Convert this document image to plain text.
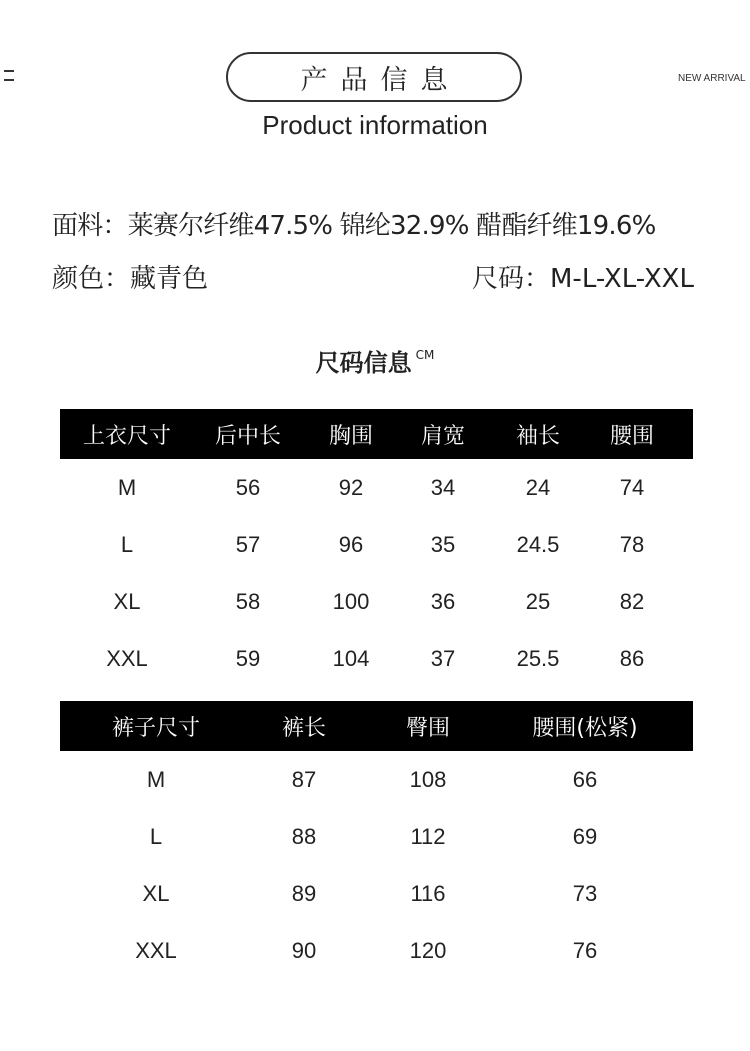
产品信息
Product information
NEW ARRIVAL
面料：莱赛尔纤维47.5% 锦纶32.9% 醋酯纤维19.6%
颜色：藏青色	尺码：M-L-XL-XXL
尺码信息 $^{CM}$
上衣尺寸	后中长	胸围	肩宽	袖长	腰围
M	56	92	34	24	74
L	57	96	35	24.5	78
XL	58	100	36	25	82
XXL	59	104	37	25.5	86
裤子尺寸	裤长	臀围	腰围(松紧)
M	87	108	66
L	88	112	69
XL	89	116	73
XXL	90	120	76
